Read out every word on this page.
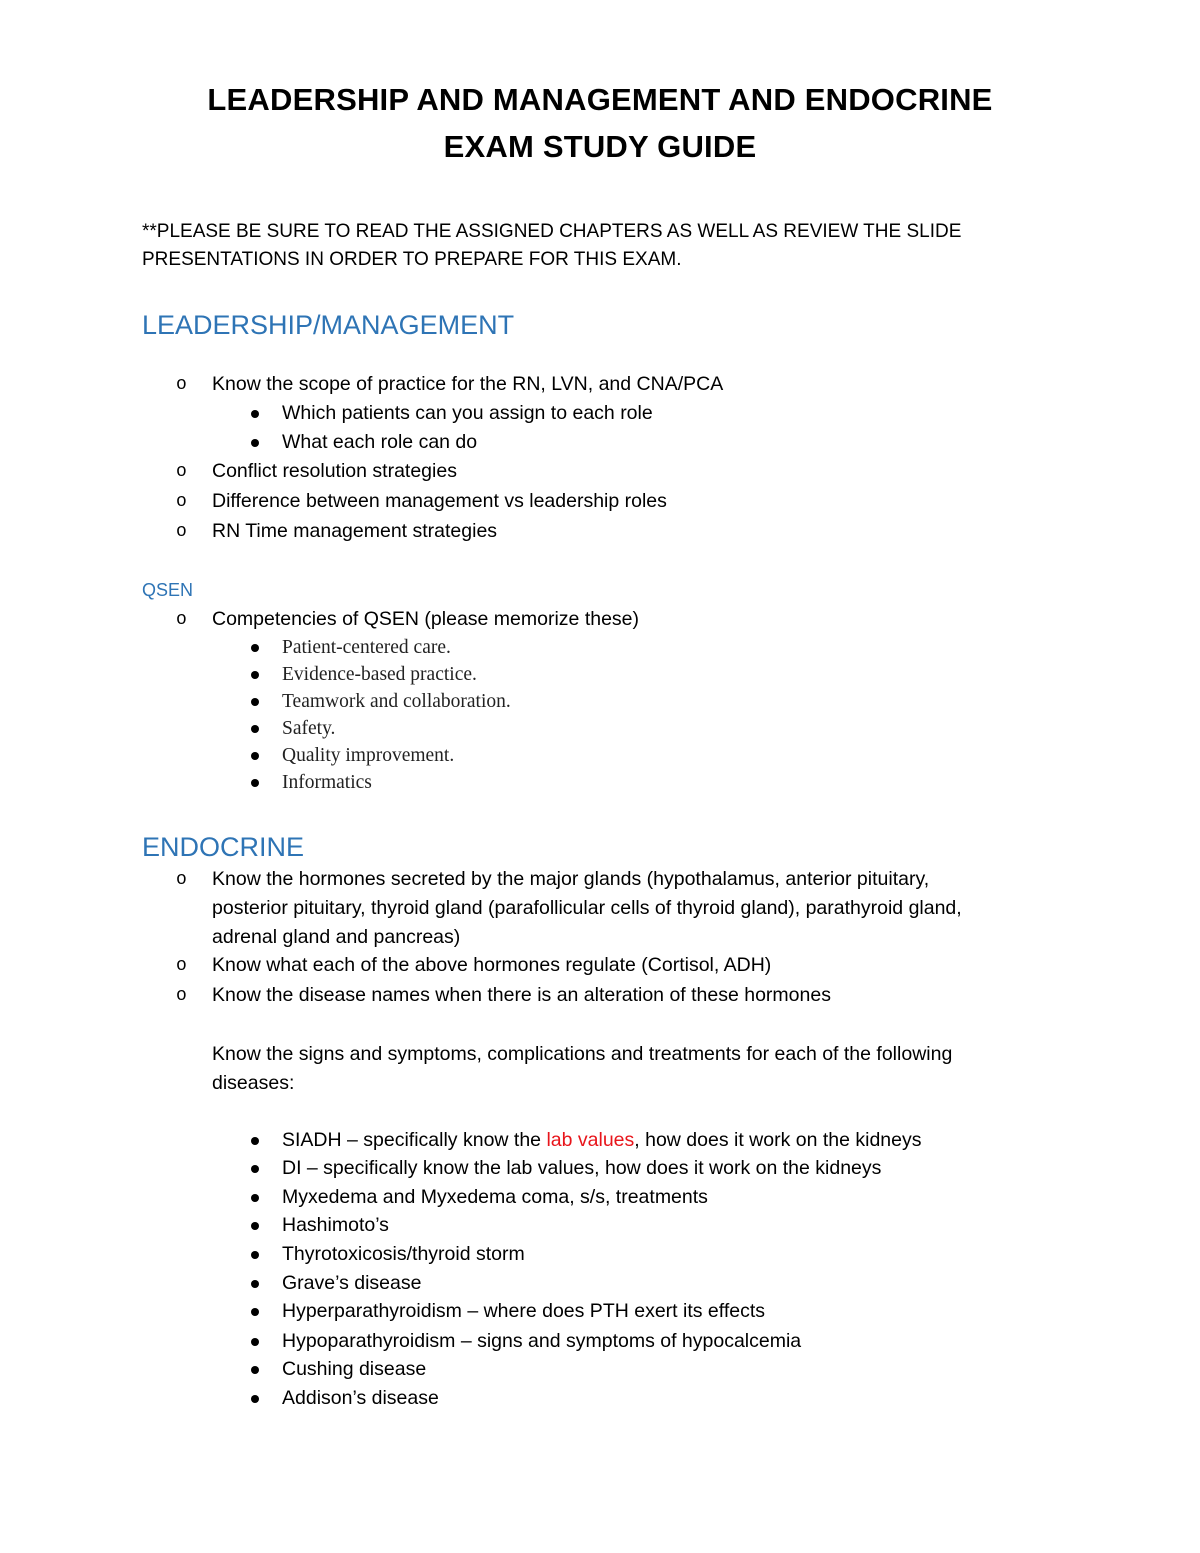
LEADERSHIP AND MANAGEMENT AND ENDOCRINE
EXAM STUDY GUIDE
**PLEASE BE SURE TO READ THE ASSIGNED CHAPTERS AS WELL AS REVIEW THE SLIDE
PRESENTATIONS IN ORDER TO PREPARE FOR THIS EXAM.
LEADERSHIP/MANAGEMENT
o Know the scope of practice for the RN, LVN, and CNA/PCA
Which patients can you assign to each role
What each role can do
o Conflict resolution strategies
o Difference between management vs leadership roles
o RN Time management strategies
QSEN
o Competencies of QSEN (please memorize these)
Patient-centered care.
Evidence-based practice.
Teamwork and collaboration.
Safety.
Quality improvement.
Informatics
ENDOCRINE
o Know the hormones secreted by the major glands (hypothalamus, anterior pituitary,
posterior pituitary, thyroid gland (parafollicular cells of thyroid gland), parathyroid gland,
adrenal gland and pancreas)
o Know what each of the above hormones regulate (Cortisol, ADH)
o Know the disease names when there is an alteration of these hormones
Know the signs and symptoms, complications and treatments for each of the following
diseases:
SIADH – specifically know the lab values, how does it work on the kidneys
DI – specifically know the lab values, how does it work on the kidneys
Myxedema and Myxedema coma, s/s, treatments
Hashimoto’s
Thyrotoxicosis/thyroid storm
Grave’s disease
Hyperparathyroidism – where does PTH exert its effects
Hypoparathyroidism – signs and symptoms of hypocalcemia
Cushing disease
Addison’s disease
